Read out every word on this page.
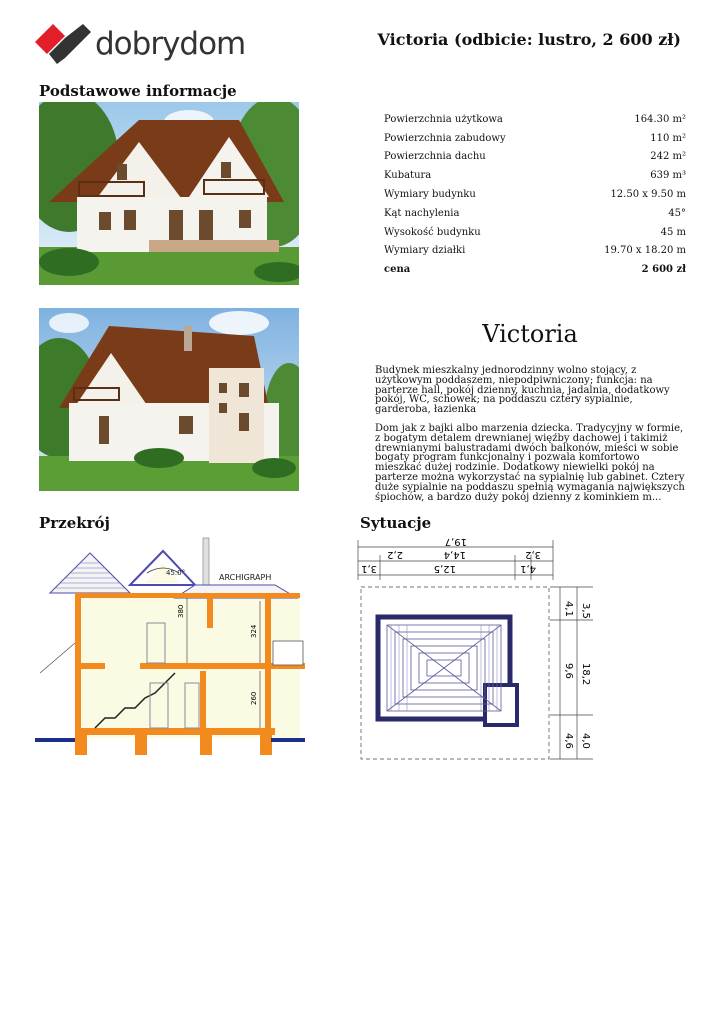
dobrydom	Victoria (odbicie: lustro, 2 600 zł)
Podstawowe informacje
Powierzchnia użytkowa	164.30 m²
Powierzchnia zabudowy	110 m²
Powierzchnia dachu	242 m²
Kubatura	639 m³
Wymiary budynku	12.50 x 9.50 m
Kąt nachylenia	45°
Wysokość budynku	45 m
Wymiary działki	19.70 x 18.20 m
cena	2 600 zł
Victoria

Budynek mieszkalny jednorodzinny wolno stojący, z użytkowym poddaszem, niepodpiwniczony; funkcja: na parterze hall, pokój dzienny, kuchnia, jadalnia, dodatkowy pokój, WC, schowek; na poddaszu cztery sypialnie, garderoba, łazienka

Dom jak z bajki albo marzenia dziecka. Tradycyjny w formie, z bogatym detalem drewnianej więźby dachowej i takimiż drewnianymi balustradami dwóch balkonów, mieści w sobie bogaty program funkcjonalny i pozwala komfortowo mieszkać dużej rodzinie. Dodatkowy niewielki pokój na parterze można wykorzystać na sypialnię lub gabinet. Cztery duże sypialnie na poddaszu spełnią wymagania największych śpiochów, a bardzo duży pokój dzienny z kominkiem m...

Przekrój	Sytuacje
45.0°	ARCHIGRAPH
380
324
260
19,7
14,4
2,2	3,2
3,1	12,5	4,1
3,5
4,1
9,6 18,2
4,0
4,6
